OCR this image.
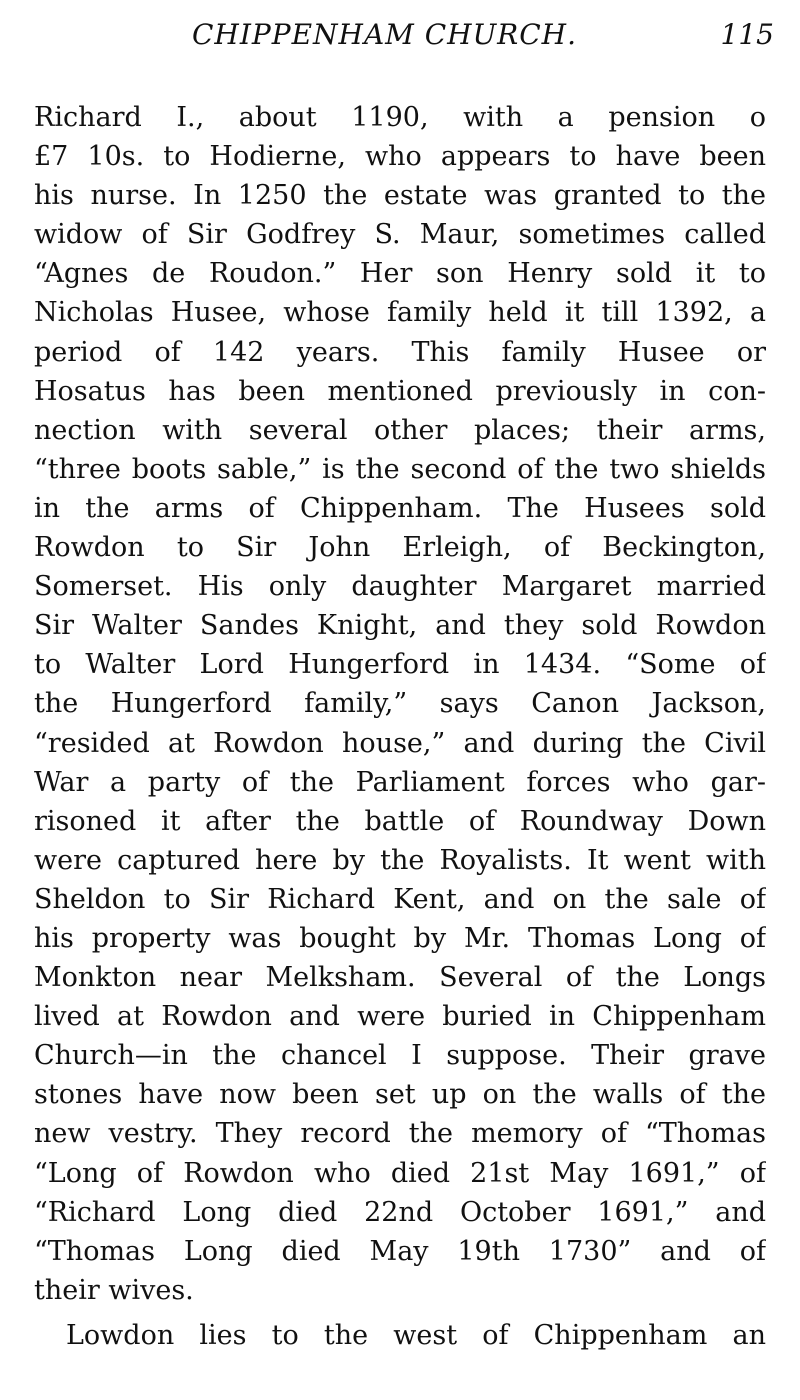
CHIPPENHAM CHURCH.	115
Richard I., about 1190, with a pension o
£7 10s. to Hodierne, who appears to have been
his nurse. In 1250 the estate was granted to the
widow of Sir Godfrey S. Maur, sometimes called
“Agnes de Roudon.” Her son Henry sold it to
Nicholas Husee, whose family held it till 1392, a
period of 142 years. This family Husee or
Hosatus has been mentioned previously in con-
nection with several other places; their arms,
“three boots sable,” is the second of the two shields
in the arms of Chippenham. The Husees sold
Rowdon to Sir John Erleigh, of Beckington,
Somerset. His only daughter Margaret married
Sir Walter Sandes Knight, and they sold Rowdon
to Walter Lord Hungerford in 1434. “Some of
the Hungerford family,” says Canon Jackson,
“resided at Rowdon house,” and during the Civil
War a party of the Parliament forces who gar-
risoned it after the battle of Roundway Down
were captured here by the Royalists. It went with
Sheldon to Sir Richard Kent, and on the sale of
his property was bought by Mr. Thomas Long of
Monkton near Melksham. Several of the Longs
lived at Rowdon and were buried in Chippenham
Church—in the chancel I suppose. Their grave
stones have now been set up on the walls of the
new vestry. They record the memory of “Thomas
“Long of Rowdon who died 21st May 1691,” of
“Richard Long died 22nd October 1691,” and
“Thomas Long died May 19th 1730” and of
their wives.
Lowdon lies to the west of Chippenham an
